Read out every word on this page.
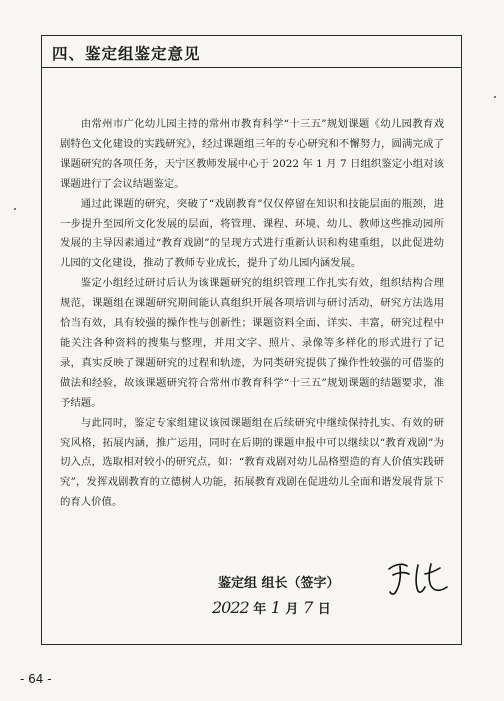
四、鉴定组鉴定意见

由常州市广化幼儿园主持的常州市教育科学“十三五”规划课题《幼儿园教育戏剧特色文化建设的实践研究》，经过课题组三年的专心研究和不懈努力，圆满完成了课题研究的各项任务，天宁区教师发展中心于 2022 年 1 月 7 日组织鉴定小组对该课题进行了会议结题鉴定。

通过此课题的研究，突破了“戏剧教育”仅仅停留在知识和技能层面的瓶颈，进一步提升至园所文化发展的层面，将管理、课程、环境、幼儿、教师这些推动园所发展的主导因素通过“教育戏剧”的呈现方式进行重新认识和构建重组，以此促进幼儿园的文化建设，推动了教师专业成长，提升了幼儿园内涵发展。

鉴定小组经过研讨后认为该课题研究的组织管理工作扎实有效，组织结构合理规范，课题组在课题研究期间能认真组织开展各项培训与研讨活动，研究方法选用恰当有效，具有较强的操作性与创新性；课题资料全面、详实、丰富，研究过程中能关注各种资料的搜集与整理，并用文字、照片、录像等多样化的形式进行了记录，真实反映了课题研究的过程和轨迹，为同类研究提供了操作性较强的可借鉴的做法和经验，故该课题研究符合常州市教育科学“十三五”规划课题的结题要求，准予结题。

与此同时，鉴定专家组建议该园课题组在后续研究中继续保持扎实、有效的研究风格，拓展内涵，推广运用，同时在后期的课题申报中可以继续以“教育戏剧”为切入点，选取相对较小的研究点，如：“教育戏剧对幼儿品格塑造的育人价值实践研究”，发挥戏剧教育的立德树人功能，拓展教育戏剧在促进幼儿全面和谐发展背景下的育人价值。

鉴定组 组长（签字）
2022 年 1 月 7 日
- 64 -
